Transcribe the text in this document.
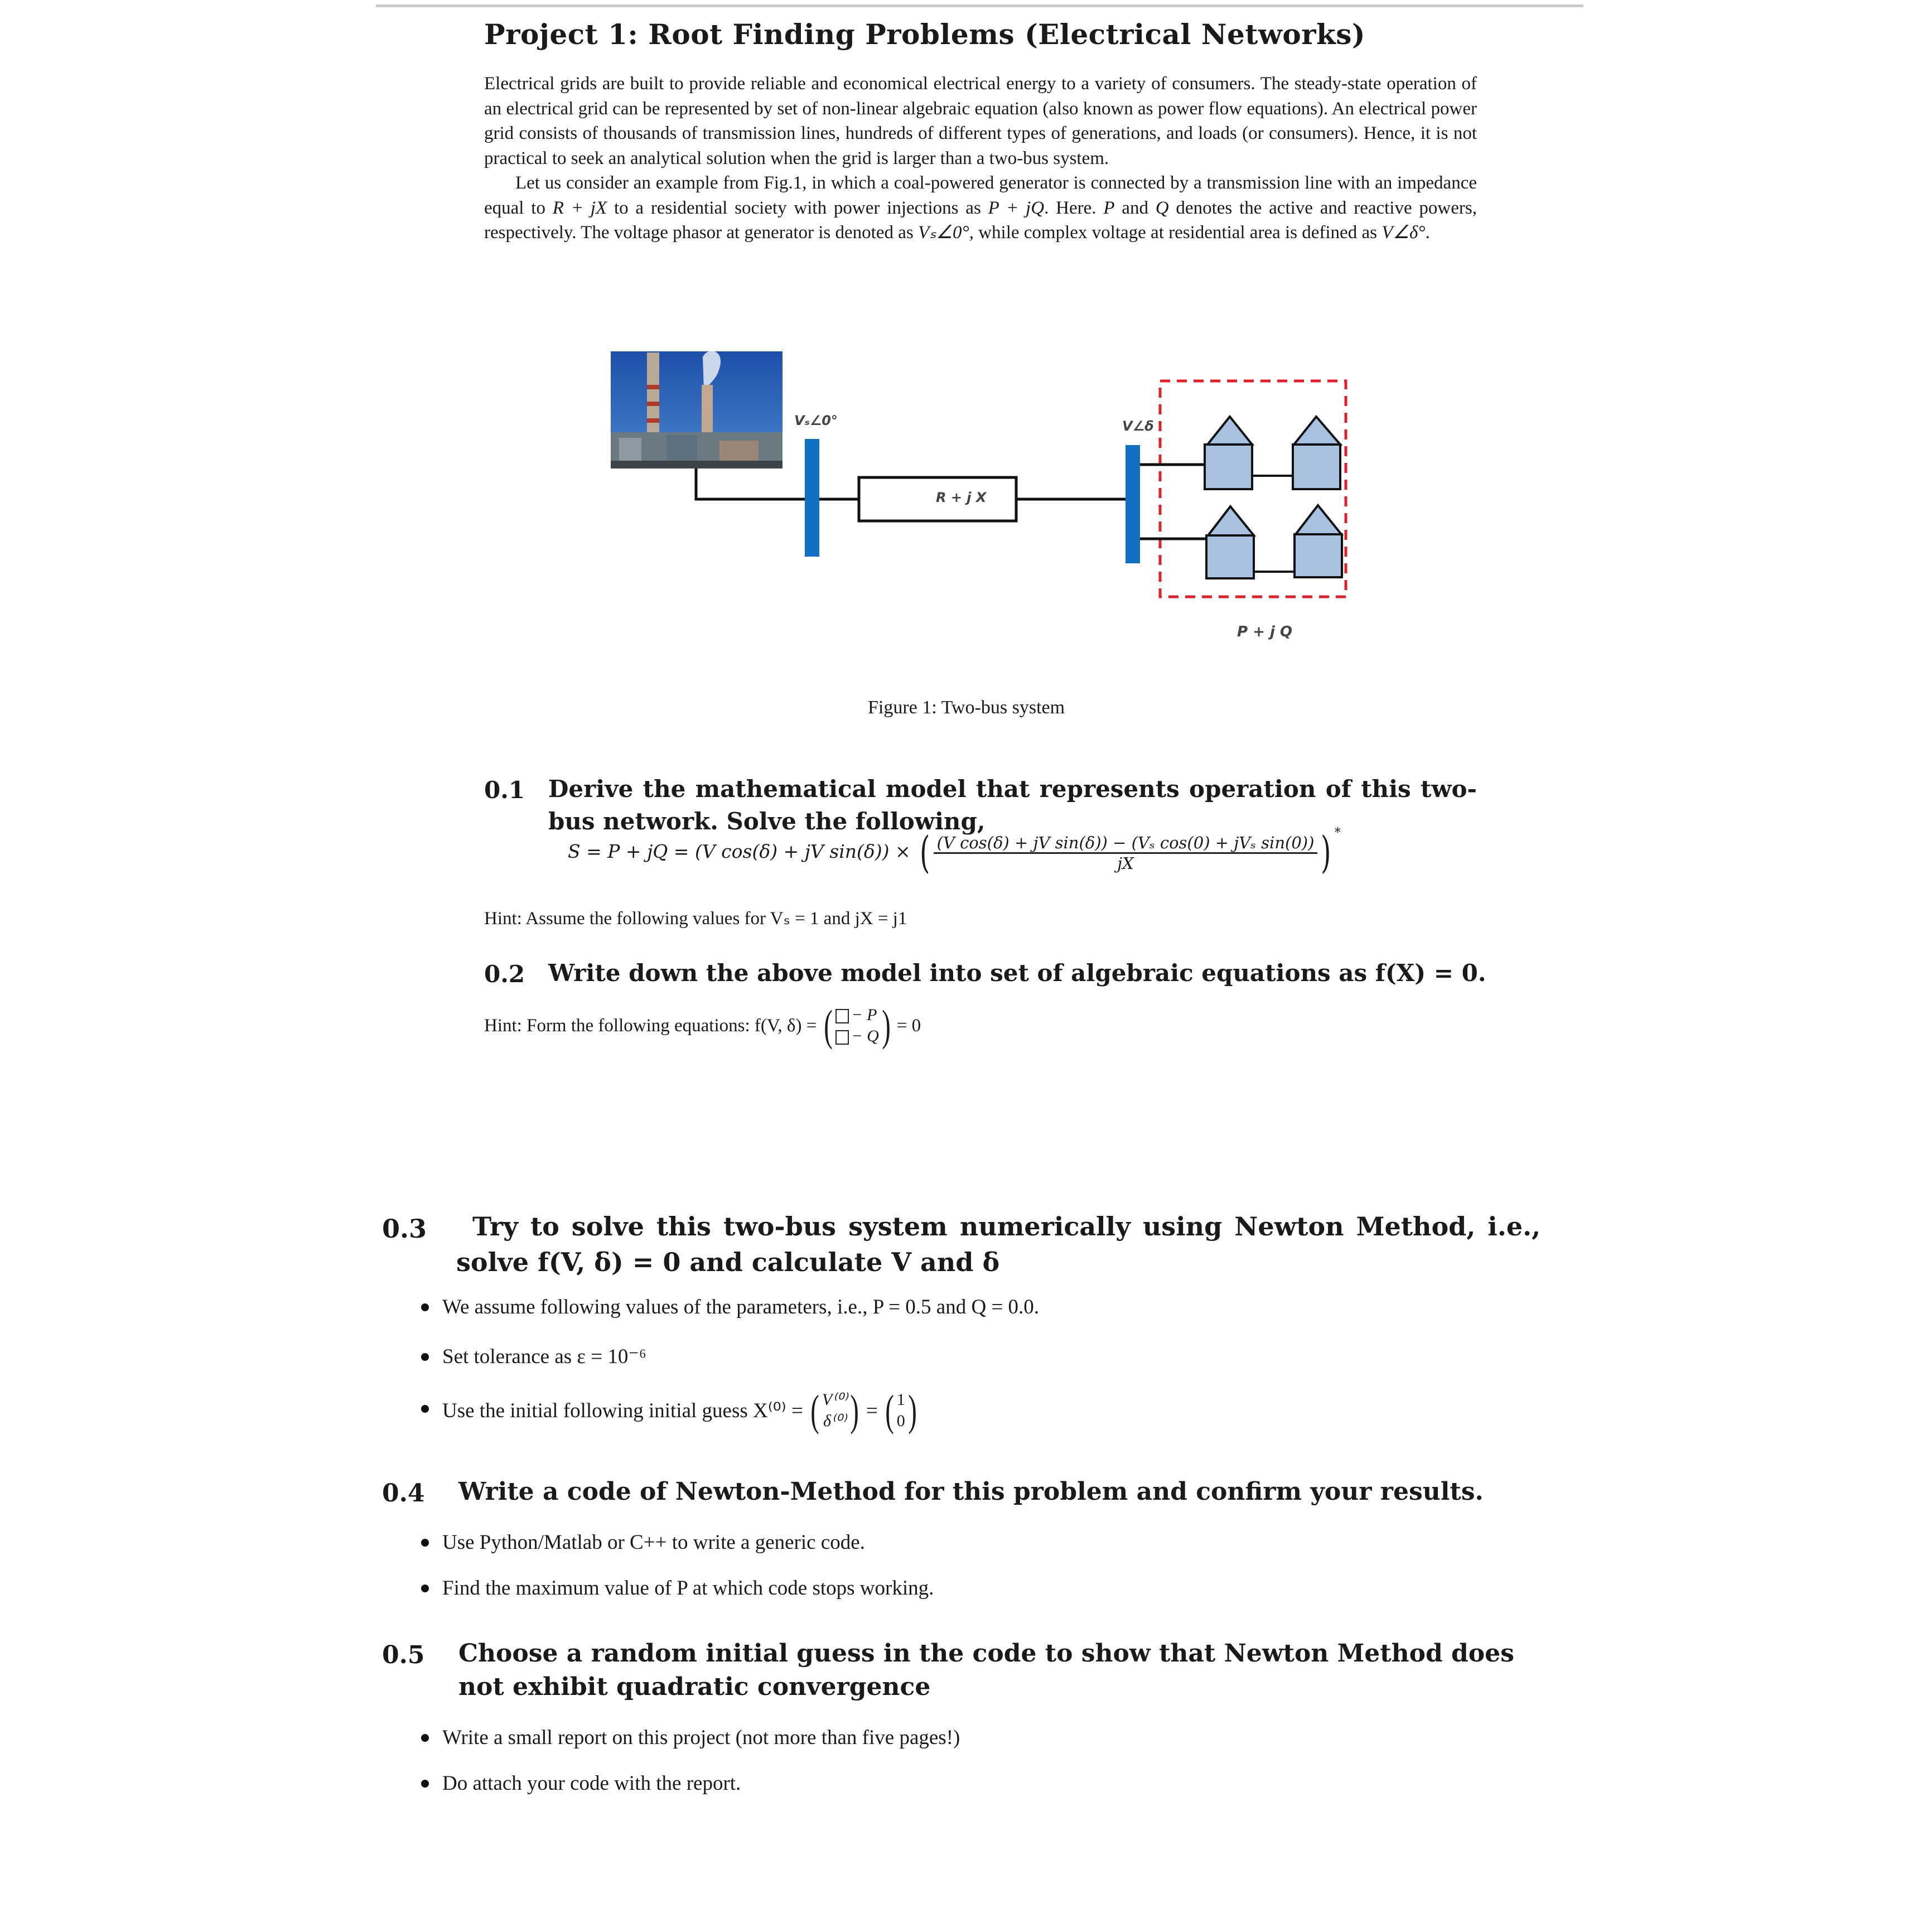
Project 1: Root Finding Problems (Electrical Networks)

Electrical grids are built to provide reliable and economical electrical energy to a variety of consumers. The steady-state operation of an electrical grid can be represented by set of non-linear algebraic equation (also known as power flow equations). An electrical power grid consists of thousands of transmission lines, hundreds of different types of generations, and loads (or consumers). Hence, it is not practical to seek an analytical solution when the grid is larger than a two-bus system.

Let us consider an example from Fig.1, in which a coal-powered generator is connected by a transmission line with an impedance equal to R + jX to a residential society with power injections as P + jQ. Here. P and Q denotes the active and reactive powers, respectively. The voltage phasor at generator is denoted as Vₛ∠0°, while complex voltage at residential area is defined as V∠δ°.

Vₛ∠0°	V∠δ
R + j X
P + j Q
Figure 1: Two-bus system
0.1 Derive the mathematical model that represents operation of this two-bus network. Solve the following,
S = P + jQ = (V cos(δ) + jV sin(δ)) × ( $\frac{\text{(V cos(δ) + jV sin(δ)) − (Vₛ cos(0) + jVₛ sin(0))}}{jX}$ ) *
Hint: Assume the following values for Vₛ = 1 and jX = j1
0.2 Write down the above model into set of algebraic equations as f(X) = 0.
Hint: Form the following equations: f(V, δ) = (	− P
− Q ) = 0
0.3 Try to solve this two-bus system numerically using Newton Method, i.e.,
solve f(V, δ) = 0 and calculate V and δ
We assume following values of the parameters, i.e., P = 0.5 and Q = 0.0.
Set tolerance as ε = 10⁻⁶
Use the initial following initial guess X⁽⁰⁾ = ( V⁽⁰⁾
δ⁽⁰⁾ ) = ( 1
0 )
0.4 Write a code of Newton-Method for this problem and confirm your results.
Use Python/Matlab or C++ to write a generic code.
Find the maximum value of P at which code stops working.
0.5 Choose a random initial guess in the code to show that Newton Method does
not exhibit quadratic convergence
Write a small report on this project (not more than five pages!)
Do attach your code with the report.
